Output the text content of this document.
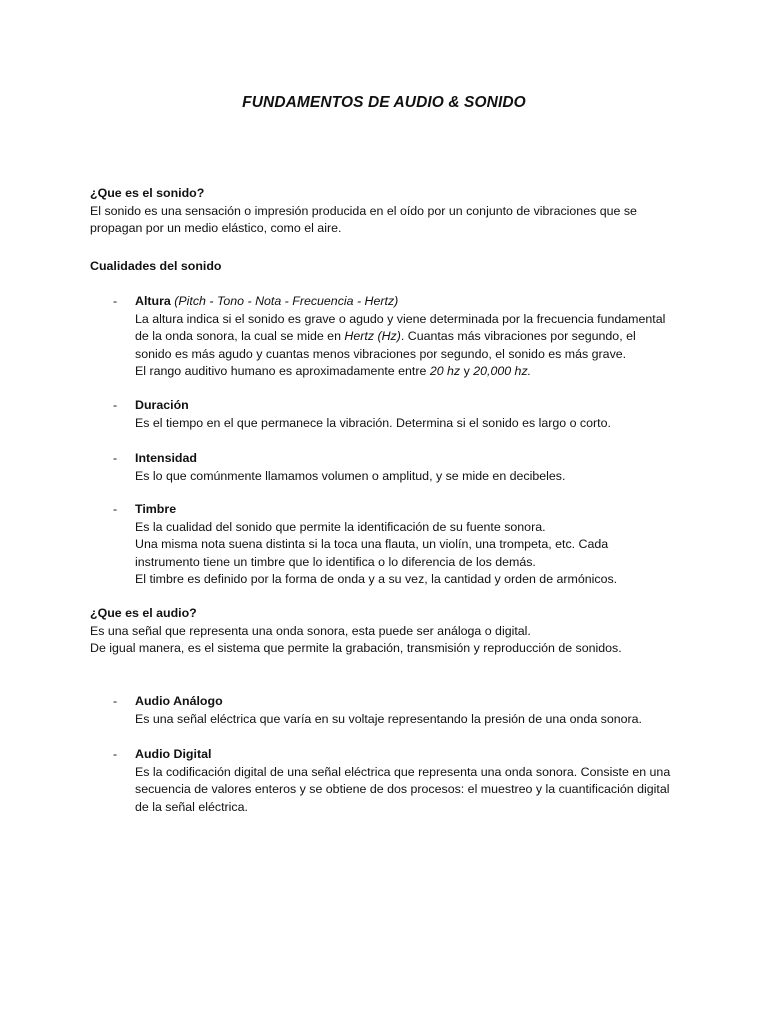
FUNDAMENTOS DE AUDIO & SONIDO
¿Que es el sonido?
El sonido es una sensación o impresión producida en el oído por un conjunto de vibraciones que se
propagan por un medio elástico, como el aire.
Cualidades del sonido
-	Altura (Pitch - Tono - Nota - Frecuencia - Hertz)
La altura indica si el sonido es grave o agudo y viene determinada por la frecuencia fundamental
de la onda sonora, la cual se mide en Hertz (Hz). Cuantas más vibraciones por segundo, el
sonido es más agudo y cuantas menos vibraciones por segundo, el sonido es más grave.
El rango auditivo humano es aproximadamente entre 20 hz y 20,000 hz.
-	Duración
Es el tiempo en el que permanece la vibración. Determina si el sonido es largo o corto.
-	Intensidad
Es lo que comúnmente llamamos volumen o amplitud, y se mide en decibeles.
-	Timbre
Es la cualidad del sonido que permite la identificación de su fuente sonora.
Una misma nota suena distinta si la toca una flauta, un violín, una trompeta, etc. Cada
instrumento tiene un timbre que lo identifica o lo diferencia de los demás.
El timbre es definido por la forma de onda y a su vez, la cantidad y orden de armónicos.
¿Que es el audio?
Es una señal que representa una onda sonora, esta puede ser análoga o digital.
De igual manera, es el sistema que permite la grabación, transmisión y reproducción de sonidos.
-	Audio Análogo
Es una señal eléctrica que varía en su voltaje representando la presión de una onda sonora.
-	Audio Digital
Es la codificación digital de una señal eléctrica que representa una onda sonora. Consiste en una
secuencia de valores enteros y se obtiene de dos procesos: el muestreo y la cuantificación digital
de la señal eléctrica.
